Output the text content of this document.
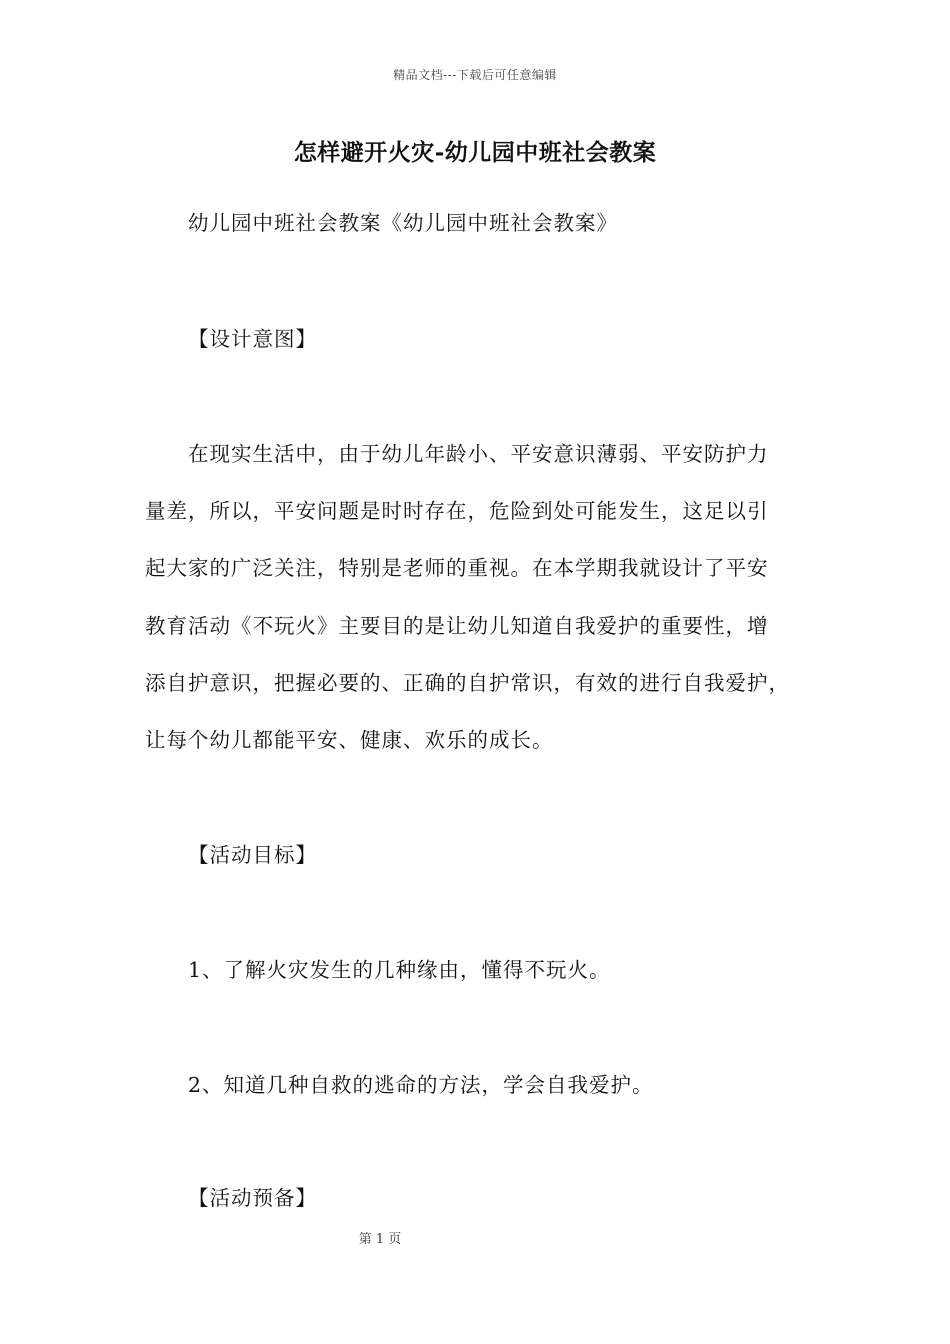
精品文档---下载后可任意编辑
怎样避开火灾-幼儿园中班社会教案
幼儿园中班社会教案《幼儿园中班社会教案》
【设计意图】
在现实生活中，由于幼儿年龄小、平安意识薄弱、平安防护力
量差，所以，平安问题是时时存在，危险到处可能发生，这足以引
起大家的广泛关注，特别是老师的重视。在本学期我就设计了平安
教育活动《不玩火》主要目的是让幼儿知道自我爱护的重要性，增
添自护意识，把握必要的、正确的自护常识，有效的进行自我爱护，
让每个幼儿都能平安、健康、欢乐的成长。
【活动目标】
1、了解火灾发生的几种缘由，懂得不玩火。
2、知道几种自救的逃命的方法，学会自我爱护。
【活动预备】
第 1 页
